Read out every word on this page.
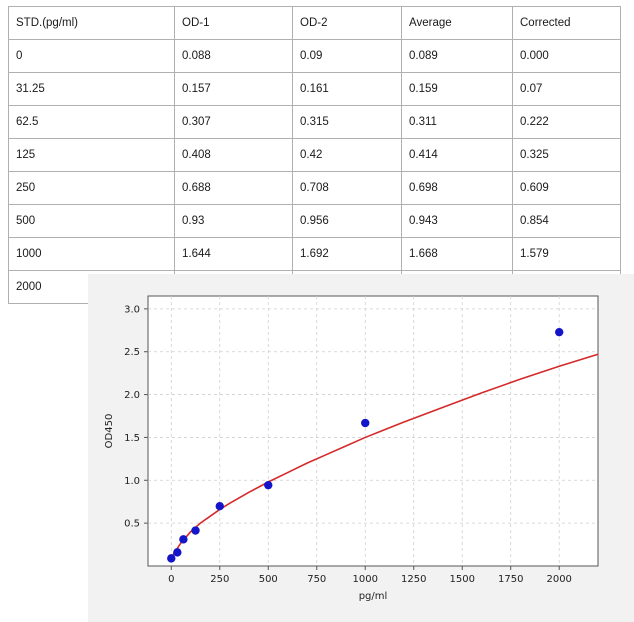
STD.(pg/ml)	OD-1	OD-2	Average	Corrected
0	0.088	0.09	0.089	0.000
31.25	0.157	0.161	0.159	0.07
62.5	0.307	0.315	0.311	0.222
125	0.408	0.42	0.414	0.325
250	0.688	0.708	0.698	0.609
500	0.93	0.956	0.943	0.854
1000	1.644	1.692	1.668	1.579
2000				
0	250	500	750	1000 1250 1500 1750 2000
0.5
1.0
1.5
2.0
2.5
3.0
pg/ml
OD450
